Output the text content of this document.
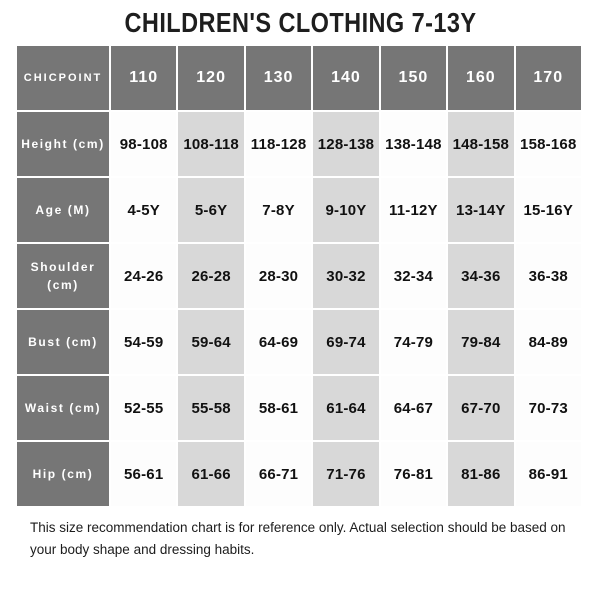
CHILDREN'S CLOTHING 7-13Y
CHICPOINT	110	120	130	140	150	160	170
Height (cm)	98-108	108-118	118-128	128-138	138-148	148-158	158-168
Age (M)	4-5Y	5-6Y	7-8Y	9-10Y	11-12Y	13-14Y	15-16Y
Shoulder (cm)	24-26	26-28	28-30	30-32	32-34	34-36	36-38
Bust (cm)	54-59	59-64	64-69	69-74	74-79	79-84	84-89
Waist (cm)	52-55	55-58	58-61	61-64	64-67	67-70	70-73
Hip (cm)	56-61	61-66	66-71	71-76	76-81	81-86	86-91

This size recommendation chart is for reference only. Actual selection should be based on your body shape and dressing habits.
